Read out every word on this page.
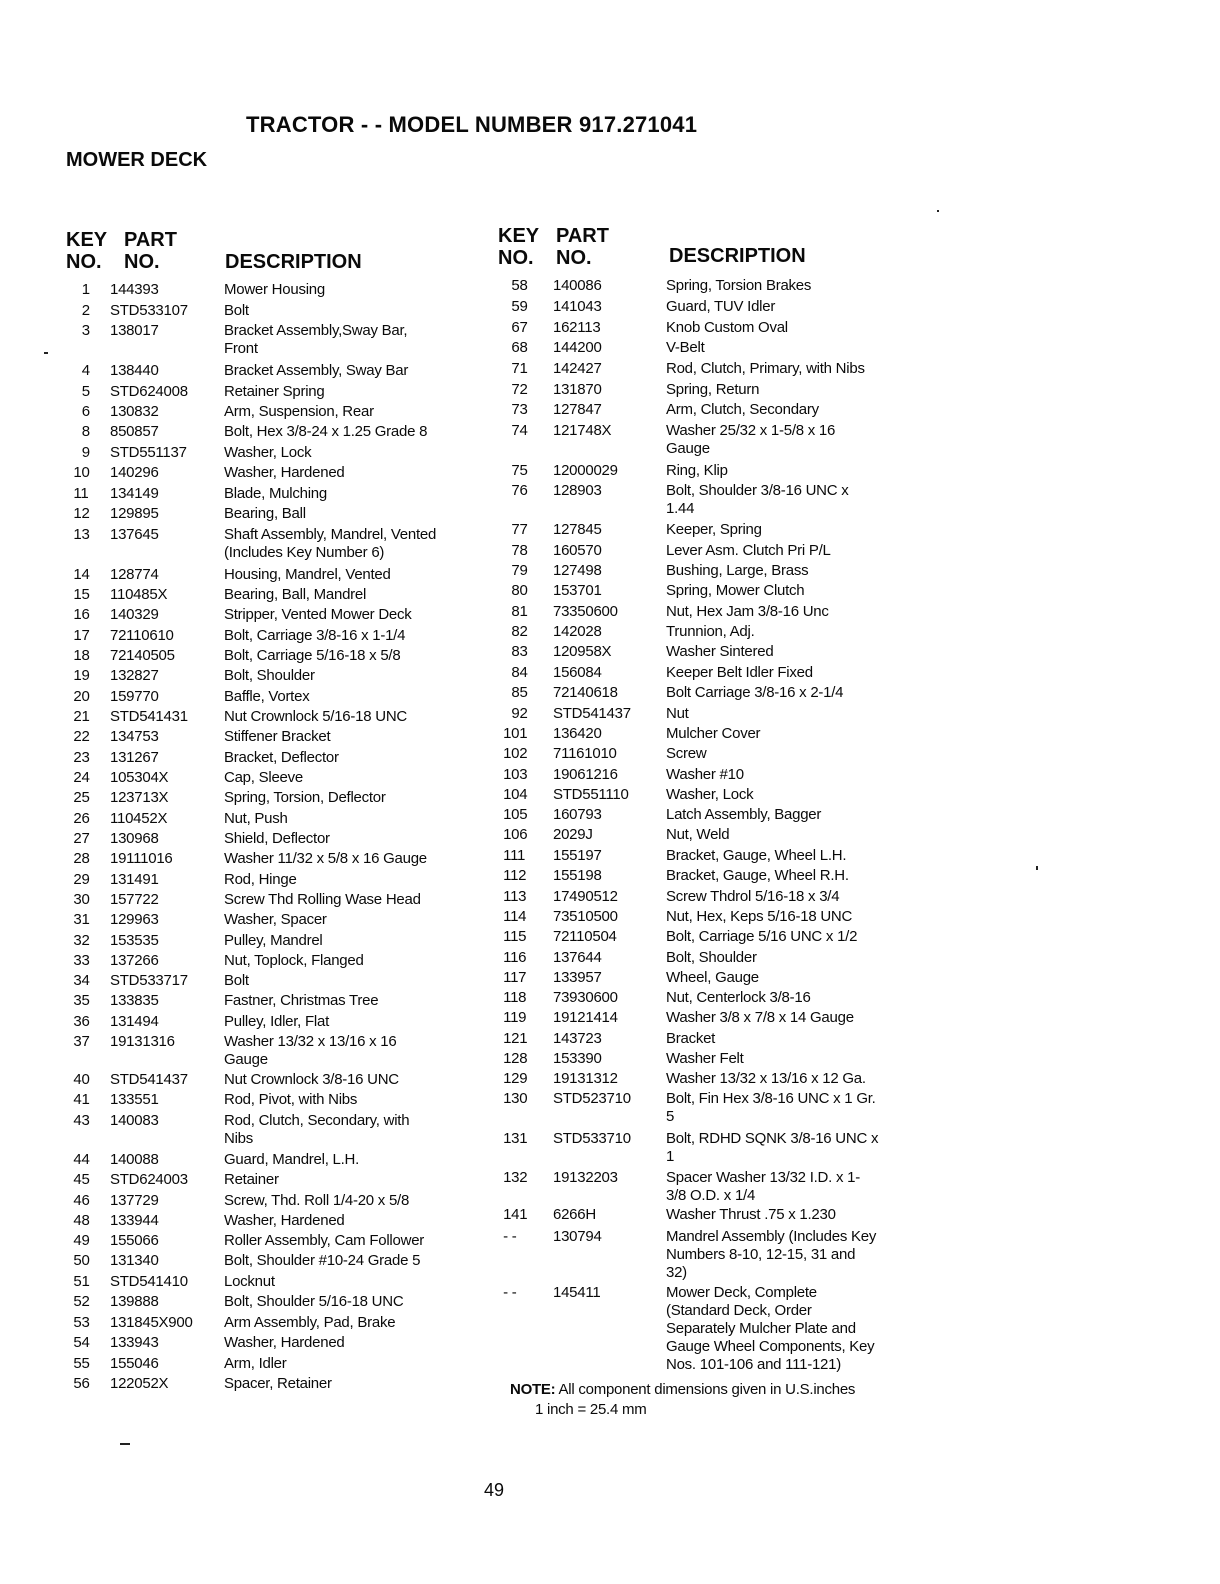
TRACTOR - - MODEL NUMBER 917.271041
MOWER DECK
KEY
NO.
PART
NO.	DESCRIPTION
KEY
NO.
PART
NO.	DESCRIPTION
1 144393	Mower Housing
2 STD533107 Bolt
3 138017	Bracket Assembly,Sway Bar,
Front
4 138440	Bracket Assembly, Sway Bar
5 STD624008 Retainer Spring
6 130832	Arm, Suspension, Rear
8 850857	Bolt, Hex 3/8-24 x 1.25 Grade 8
9 STD551137 Washer, Lock
10 140296	Washer, Hardened
11 134149	Blade, Mulching
12 129895	Bearing, Ball
13 137645	Shaft Assembly, Mandrel, Vented
(Includes Key Number 6)
14 128774	Housing, Mandrel, Vented
15 110485X	Bearing, Ball, Mandrel
16 140329	Stripper, Vented Mower Deck
17 72110610	Bolt, Carriage 3/8-16 x 1-1/4
18 72140505	Bolt, Carriage 5/16-18 x 5/8
19 132827	Bolt, Shoulder
20 159770	Baffle, Vortex
21 STD541431 Nut Crownlock 5/16-18 UNC
22 134753	Stiffener Bracket
23 131267	Bracket, Deflector
24 105304X	Cap, Sleeve
25 123713X	Spring, Torsion, Deflector
26 110452X	Nut, Push
27 130968	Shield, Deflector
28 19111016	Washer 11/32 x 5/8 x 16 Gauge
29 131491	Rod, Hinge
30 157722	Screw Thd Rolling Wase Head
31 129963	Washer, Spacer
32 153535	Pulley, Mandrel
33 137266	Nut, Toplock, Flanged
34 STD533717 Bolt
35 133835	Fastner, Christmas Tree
36 131494	Pulley, Idler, Flat
37 19131316	Washer 13/32 x 13/16 x 16
Gauge
40 STD541437 Nut Crownlock 3/8-16 UNC
41 133551	Rod, Pivot, with Nibs
43 140083	Rod, Clutch, Secondary, with
Nibs
44 140088	Guard, Mandrel, L.H.
45 STD624003 Retainer
46 137729	Screw, Thd. Roll 1/4-20 x 5/8
48 133944	Washer, Hardened
49 155066	Roller Assembly, Cam Follower
50 131340	Bolt, Shoulder #10-24 Grade 5
51 STD541410 Locknut
52 139888	Bolt, Shoulder 5/16-18 UNC
53 131845X900 Arm Assembly, Pad, Brake
54 133943	Washer, Hardened
55 155046	Arm, Idler
56 122052X	Spacer, Retainer
58 140086	Spring, Torsion Brakes
59 141043	Guard, TUV Idler
67 162113	Knob Custom Oval
68 144200	V-Belt
71 142427	Rod, Clutch, Primary, with Nibs
72 131870	Spring, Return
73 127847	Arm, Clutch, Secondary
74 121748X	Washer 25/32 x 1-5/8 x 16
Gauge
75 12000029	Ring, Klip
76 128903	Bolt, Shoulder 3/8-16 UNC x
1.44
77 127845	Keeper, Spring
78 160570	Lever Asm. Clutch Pri P/L
79 127498	Bushing, Large, Brass
80 153701	Spring, Mower Clutch
81 73350600	Nut, Hex Jam 3/8-16 Unc
82 142028	Trunnion, Adj.
83 120958X	Washer Sintered
84 156084	Keeper Belt Idler Fixed
85 72140618	Bolt Carriage 3/8-16 x 2-1/4
92 STD541437 Nut
101 136420	Mulcher Cover
102 71161010	Screw
103 19061216	Washer #10
104 STD551110 Washer, Lock
105 160793	Latch Assembly, Bagger
106 2029J	Nut, Weld
111 155197	Bracket, Gauge, Wheel L.H.
112 155198	Bracket, Gauge, Wheel R.H.
113 17490512	Screw Thdrol 5/16-18 x 3/4
114 73510500	Nut, Hex, Keps 5/16-18 UNC
115 72110504	Bolt, Carriage 5/16 UNC x 1/2
116 137644	Bolt, Shoulder
117 133957	Wheel, Gauge
118 73930600	Nut, Centerlock 3/8-16
119 19121414	Washer 3/8 x 7/8 x 14 Gauge
121 143723	Bracket
128 153390	Washer Felt
129 19131312	Washer 13/32 x 13/16 x 12 Ga.
130 STD523710 Bolt, Fin Hex 3/8-16 UNC x 1 Gr.
5
131 STD533710 Bolt, RDHD SQNK 3/8-16 UNC x
1
132 19132203	Spacer Washer 13/32 I.D. x 1-
3/8 O.D. x 1/4
141 6266H	Washer Thrust .75 x 1.230
- - 130794	Mandrel Assembly (Includes Key
Numbers 8-10, 12-15, 31 and
32)
- - 145411	Mower Deck, Complete
(Standard Deck, Order
Separately Mulcher Plate and
Gauge Wheel Components, Key
Nos. 101-106 and 111-121)
NOTE: All component dimensions given in U.S.inches
1 inch = 25.4 mm
49
